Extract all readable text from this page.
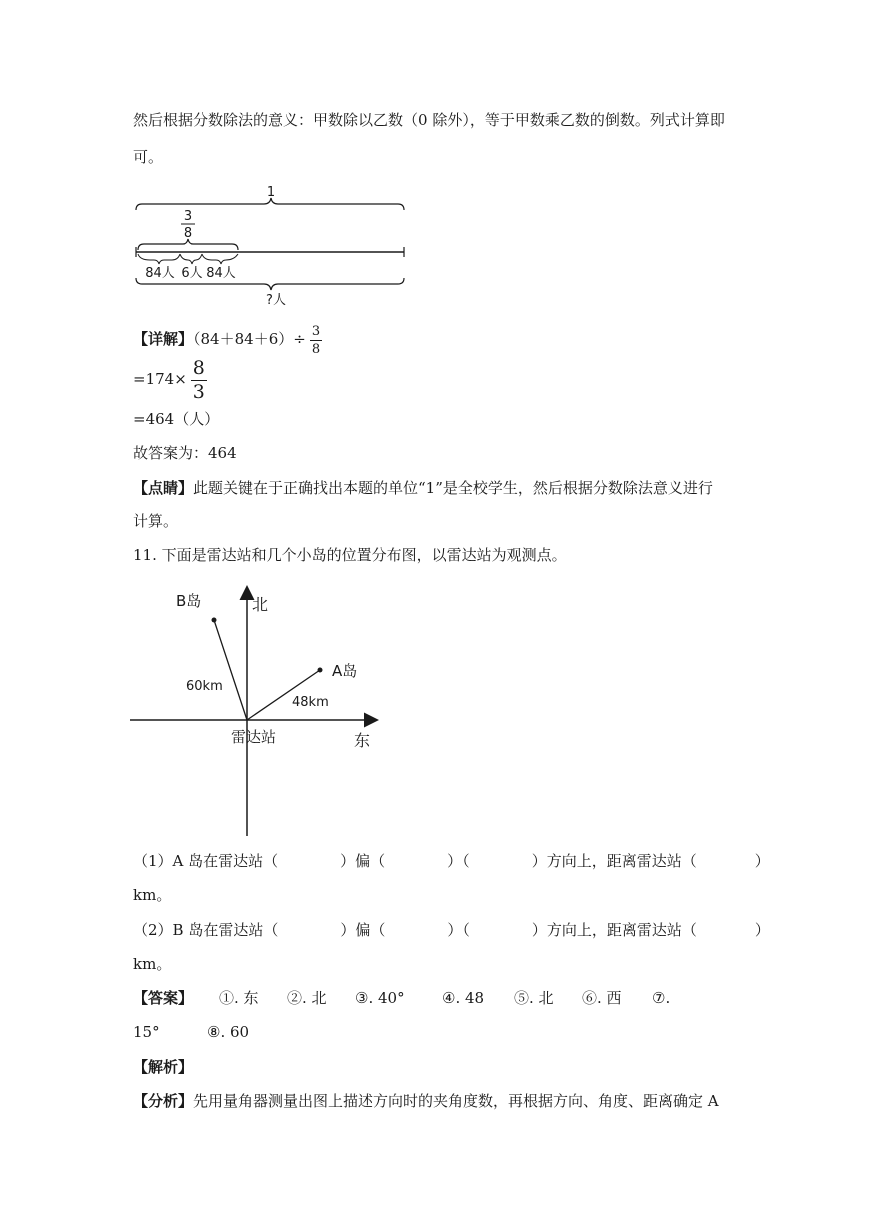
然后根据分数除法的意义：甲数除以乙数（0 除外），等于甲数乘乙数的倒数。列式计算即
可。
1
3
8
84人 6人 84人
?人
【详解】$(84+84+6)\div \frac{3}{8}$
$=174\times \frac{8}{3}$
=464（人）
故答案为：464
【点睛】此题关键在于正确找出本题的单位“1”是全校学生，然后根据分数除法意义进行
计算。
11. 下面是雷达站和几个小岛的位置分布图，以雷达站为观测点。
北
东
雷达站
A岛
B岛
48km
60km
（1）A 岛在雷达站（	）偏（	）（	）方向上，距离雷达站（	）
km。
（2）B 岛在雷达站（	）偏（	）（	）方向上，距离雷达站（	）
km。
【答案】 ①. 东 ②. 北 ③. 40° ④. 48 ⑤. 北 ⑥. 西 ⑦.
15°	⑧. 60
【解析】
【分析】先用量角器测量出图上描述方向时的夹角度数，再根据方向、角度、距离确定 A
